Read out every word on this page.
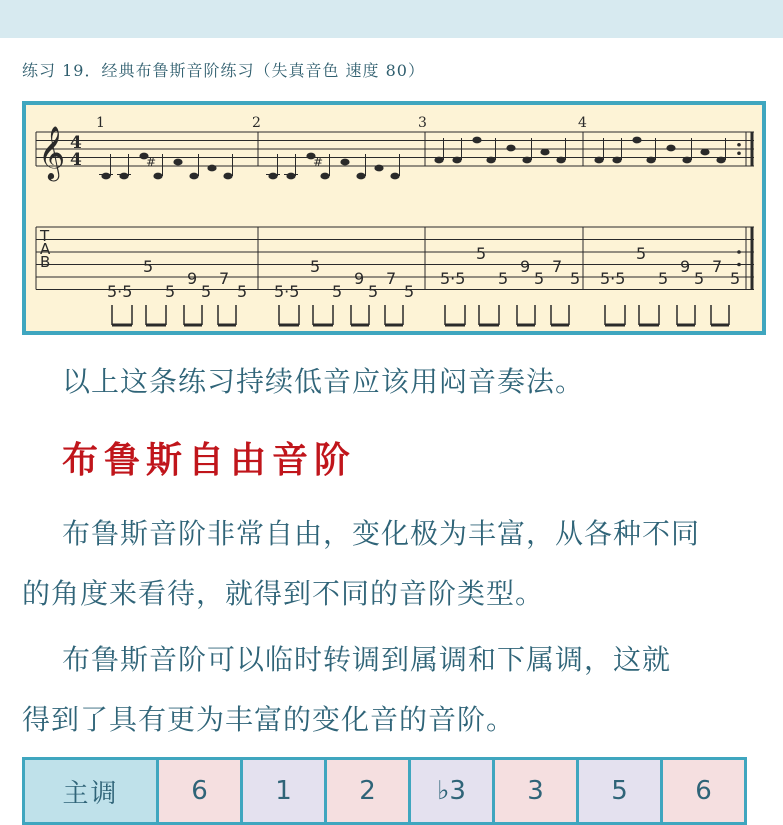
练习 19．经典布鲁斯音阶练习（失真音色 速度 80）
𝄞 4
4
T
A
B
1	2	3	4
#
5·5
5
5
9
5
7
5
#
5·5
5
5
9
5
7
5
5·5
5
5
9
5
7
5 5·5
5
5
9
5
7
5
以上这条练习持续低音应该用闷音奏法。
布鲁斯自由音阶
布鲁斯音阶非常自由，变化极为丰富，从各种不同
的角度来看待，就得到不同的音阶类型。
布鲁斯音阶可以临时转调到属调和下属调，这就
得到了具有更为丰富的变化音的音阶。
主调	6	1	2	♭3	3	5	6
